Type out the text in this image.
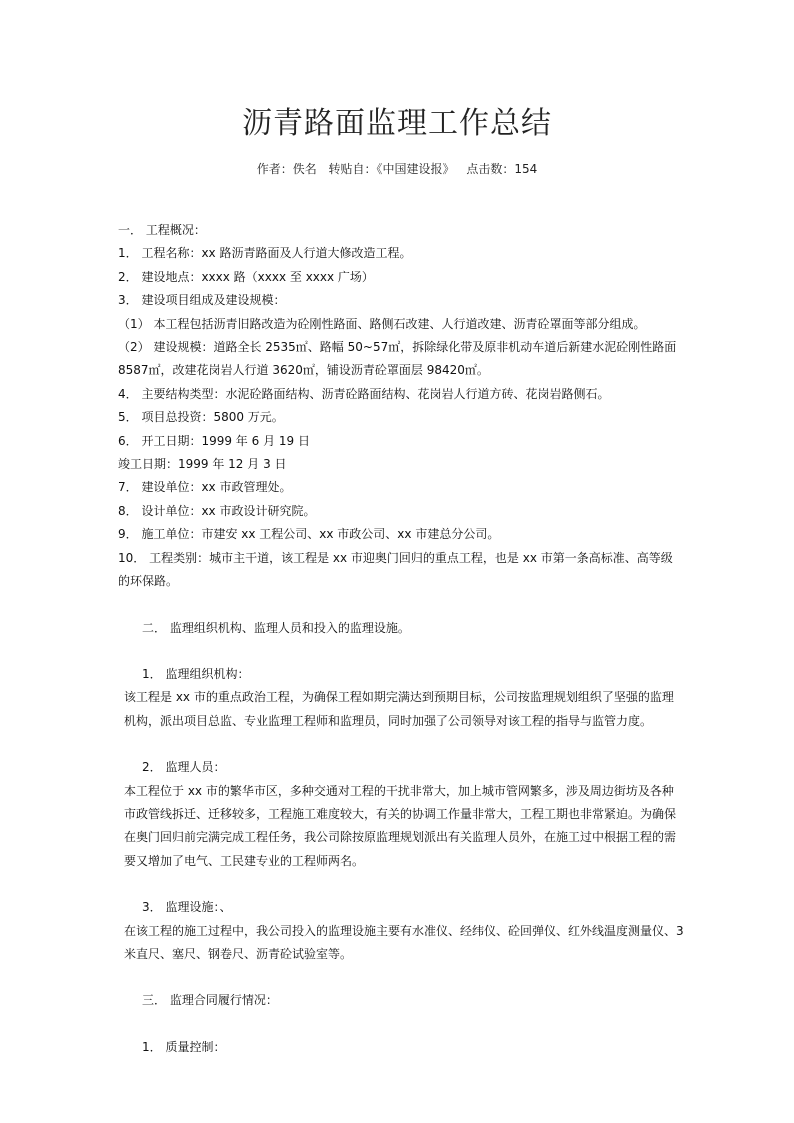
沥青路面监理工作总结
作者：佚名 转贴自：《中国建设报》 点击数：154
一． 工程概况：
1． 工程名称：xx 路沥青路面及人行道大修改造工程。
2． 建设地点：xxxx 路（xxxx 至 xxxx 广场）
3． 建设项目组成及建设规模：
（1） 本工程包括沥青旧路改造为砼刚性路面、路侧石改建、人行道改建、沥青砼罩面等部分组成。
（2） 建设规模：道路全长 2535㎡、路幅 50~57㎡，拆除绿化带及原非机动车道后新建水泥砼刚性路面 8587㎡，改建花岗岩人行道 3620㎡，铺设沥青砼罩面层 98420㎡。
4． 主要结构类型：水泥砼路面结构、沥青砼路面结构、花岗岩人行道方砖、花岗岩路侧石。
5． 项目总投资：5800 万元。
6． 开工日期：1999 年 6 月 19 日
竣工日期：1999 年 12 月 3 日
7． 建设单位：xx 市政管理处。
8． 设计单位：xx 市政设计研究院。
9． 施工单位：市建安 xx 工程公司、xx 市政公司、xx 市建总分公司。
10． 工程类别：城市主干道，该工程是 xx 市迎奥门回归的重点工程，也是 xx 市第一条高标准、高等级的环保路。
二． 监理组织机构、监理人员和投入的监理设施。
1． 监理组织机构：
该工程是 xx 市的重点政治工程，为确保工程如期完满达到预期目标，公司按监理规划组织了坚强的监理机构，派出项目总监、专业监理工程师和监理员，同时加强了公司领导对该工程的指导与监管力度。
2． 监理人员：
本工程位于 xx 市的繁华市区，多种交通对工程的干扰非常大，加上城市管网繁多，涉及周边街坊及各种市政管线拆迁、迁移较多，工程施工难度较大，有关的协调工作量非常大，工程工期也非常紧迫。为确保在奥门回归前完满完成工程任务，我公司除按原监理规划派出有关监理人员外，在施工过中根据工程的需要又增加了电气、工民建专业的工程师两名。
3． 监理设施：、
在该工程的施工过程中，我公司投入的监理设施主要有水准仪、经纬仪、砼回弹仪、红外线温度测量仪、3 米直尺、塞尺、钢卷尺、沥青砼试验室等。
三． 监理合同履行情况：
1． 质量控制：
